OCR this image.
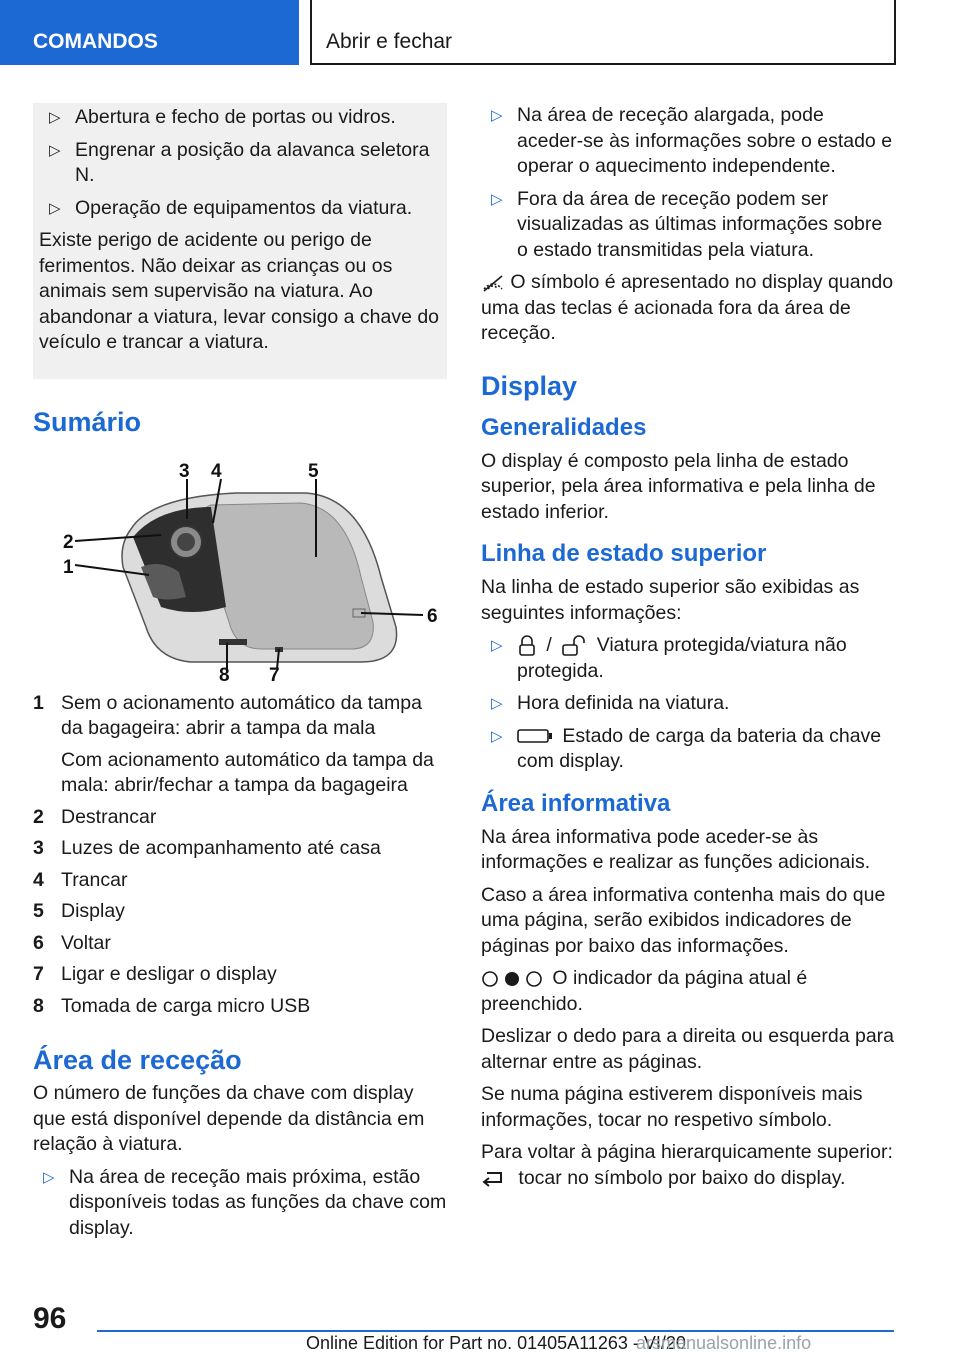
COMANDOS	Abrir e fechar
▷ Abertura e fecho de portas ou vidros.
▷ Engrenar a posição da alavanca seletora N.
▷ Operação de equipamentos da viatura.
Existe perigo de acidente ou perigo de ferimentos. Não deixar as crianças ou os animais sem supervisão na viatura. Ao abandonar a viatura, levar consigo a chave do veículo e trancar a viatura.
Sumário
1
2
3 4	5
6
7
8
1 Sem o acionamento automático da tampa da bagageira: abrir a tampa da mala
Com acionamento automático da tampa da mala: abrir/fechar a tampa da bagageira
2 Destrancar
3 Luzes de acompanhamento até casa
4 Trancar
5 Display
6 Voltar
7 Ligar e desligar o display
8 Tomada de carga micro USB
Área de receção
O número de funções da chave com display que está disponível depende da distância em relação à viatura.
▷ Na área de receção mais próxima, estão disponíveis todas as funções da chave com display.
▷ Na área de receção alargada, pode aceder-se às informações sobre o estado e operar o aquecimento independente.
▷ Fora da área de receção podem ser visualizadas as últimas informações sobre o estado transmitidas pela viatura.
O símbolo é apresentado no display quando uma das teclas é acionada fora da área de receção.
Display
Generalidades
O display é composto pela linha de estado superior, pela área informativa e pela linha de estado inferior.
Linha de estado superior
Na linha de estado superior são exibidas as seguintes informações:
▷ / Viatura protegida/viatura não protegida.
▷ Hora definida na viatura.
▷	Estado de carga da bateria da chave com display.
Área informativa
Na área informativa pode aceder-se às informações e realizar as funções adicionais.
Caso a área informativa contenha mais do que uma página, serão exibidos indicadores de páginas por baixo das informações.
O indicador da página atual é preenchido.
Deslizar o dedo para a direita ou esquerda para alternar entre as páginas.
Se numa página estiverem disponíveis mais informações, tocar no respetivo símbolo.
Para voltar à página hierarquicamente superior:
tocar no símbolo por baixo do display.
96
Online Edition for Part no. 01405A11263 - VI/20
arsmanualsonline.info
